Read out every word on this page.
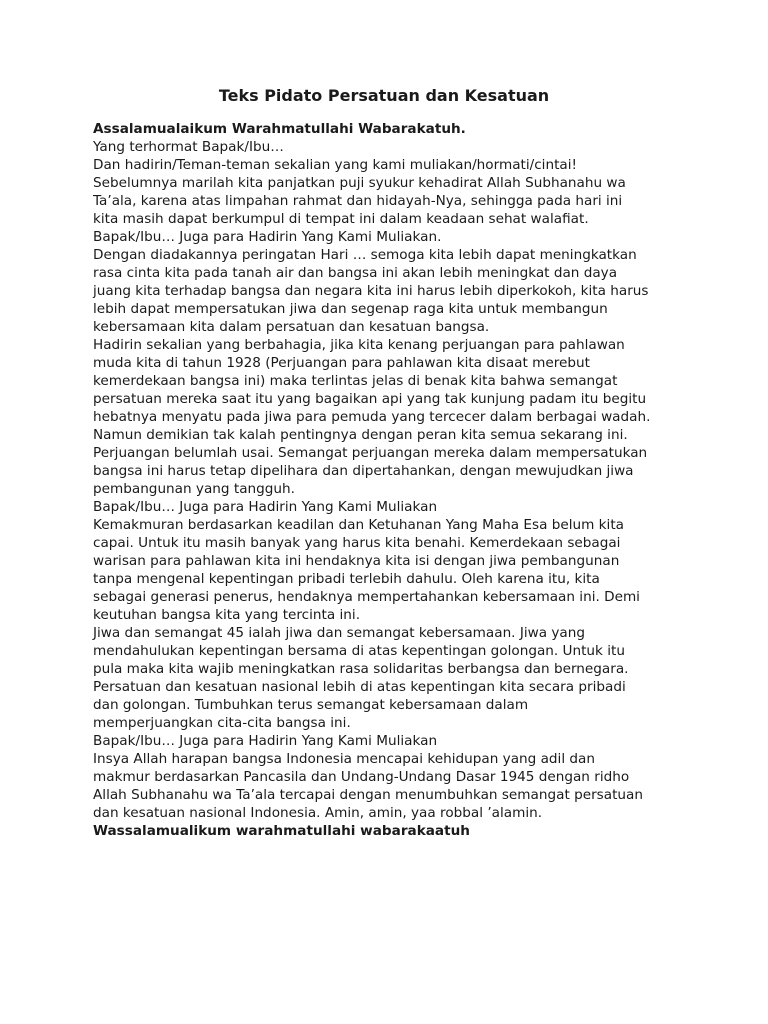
Teks Pidato Persatuan dan Kesatuan
Assalamualaikum Warahmatullahi Wabarakatuh.
Yang terhormat Bapak/Ibu…
Dan hadirin/Teman-teman sekalian yang kami muliakan/hormati/cintai!
Sebelumnya marilah kita panjatkan puji syukur kehadirat Allah Subhanahu wa
Ta’ala, karena atas limpahan rahmat dan hidayah-Nya, sehingga pada hari ini
kita masih dapat berkumpul di tempat ini dalam keadaan sehat walafiat.
Bapak/Ibu… Juga para Hadirin Yang Kami Muliakan.
Dengan diadakannya peringatan Hari … semoga kita lebih dapat meningkatkan
rasa cinta kita pada tanah air dan bangsa ini akan lebih meningkat dan daya
juang kita terhadap bangsa dan negara kita ini harus lebih diperkokoh, kita harus
lebih dapat mempersatukan jiwa dan segenap raga kita untuk membangun
kebersamaan kita dalam persatuan dan kesatuan bangsa.
Hadirin sekalian yang berbahagia, jika kita kenang perjuangan para pahlawan
muda kita di tahun 1928 (Perjuangan para pahlawan kita disaat merebut
kemerdekaan bangsa ini) maka terlintas jelas di benak kita bahwa semangat
persatuan mereka saat itu yang bagaikan api yang tak kunjung padam itu begitu
hebatnya menyatu pada jiwa para pemuda yang tercecer dalam berbagai wadah.
Namun demikian tak kalah pentingnya dengan peran kita semua sekarang ini.
Perjuangan belumlah usai. Semangat perjuangan mereka dalam mempersatukan
bangsa ini harus tetap dipelihara dan dipertahankan, dengan mewujudkan jiwa
pembangunan yang tangguh.
Bapak/Ibu… Juga para Hadirin Yang Kami Muliakan
Kemakmuran berdasarkan keadilan dan Ketuhanan Yang Maha Esa belum kita
capai. Untuk itu masih banyak yang harus kita benahi. Kemerdekaan sebagai
warisan para pahlawan kita ini hendaknya kita isi dengan jiwa pembangunan
tanpa mengenal kepentingan pribadi terlebih dahulu. Oleh karena itu, kita
sebagai generasi penerus, hendaknya mempertahankan kebersamaan ini. Demi
keutuhan bangsa kita yang tercinta ini.
Jiwa dan semangat 45 ialah jiwa dan semangat kebersamaan. Jiwa yang
mendahulukan kepentingan bersama di atas kepentingan golongan. Untuk itu
pula maka kita wajib meningkatkan rasa solidaritas berbangsa dan bernegara.
Persatuan dan kesatuan nasional lebih di atas kepentingan kita secara pribadi
dan golongan. Tumbuhkan terus semangat kebersamaan dalam
memperjuangkan cita-cita bangsa ini.
Bapak/Ibu… Juga para Hadirin Yang Kami Muliakan
Insya Allah harapan bangsa Indonesia mencapai kehidupan yang adil dan
makmur berdasarkan Pancasila dan Undang-Undang Dasar 1945 dengan ridho
Allah Subhanahu wa Ta’ala tercapai dengan menumbuhkan semangat persatuan
dan kesatuan nasional Indonesia. Amin, amin, yaa robbal ’alamin.
Wassalamualikum warahmatullahi wabarakaatuh
